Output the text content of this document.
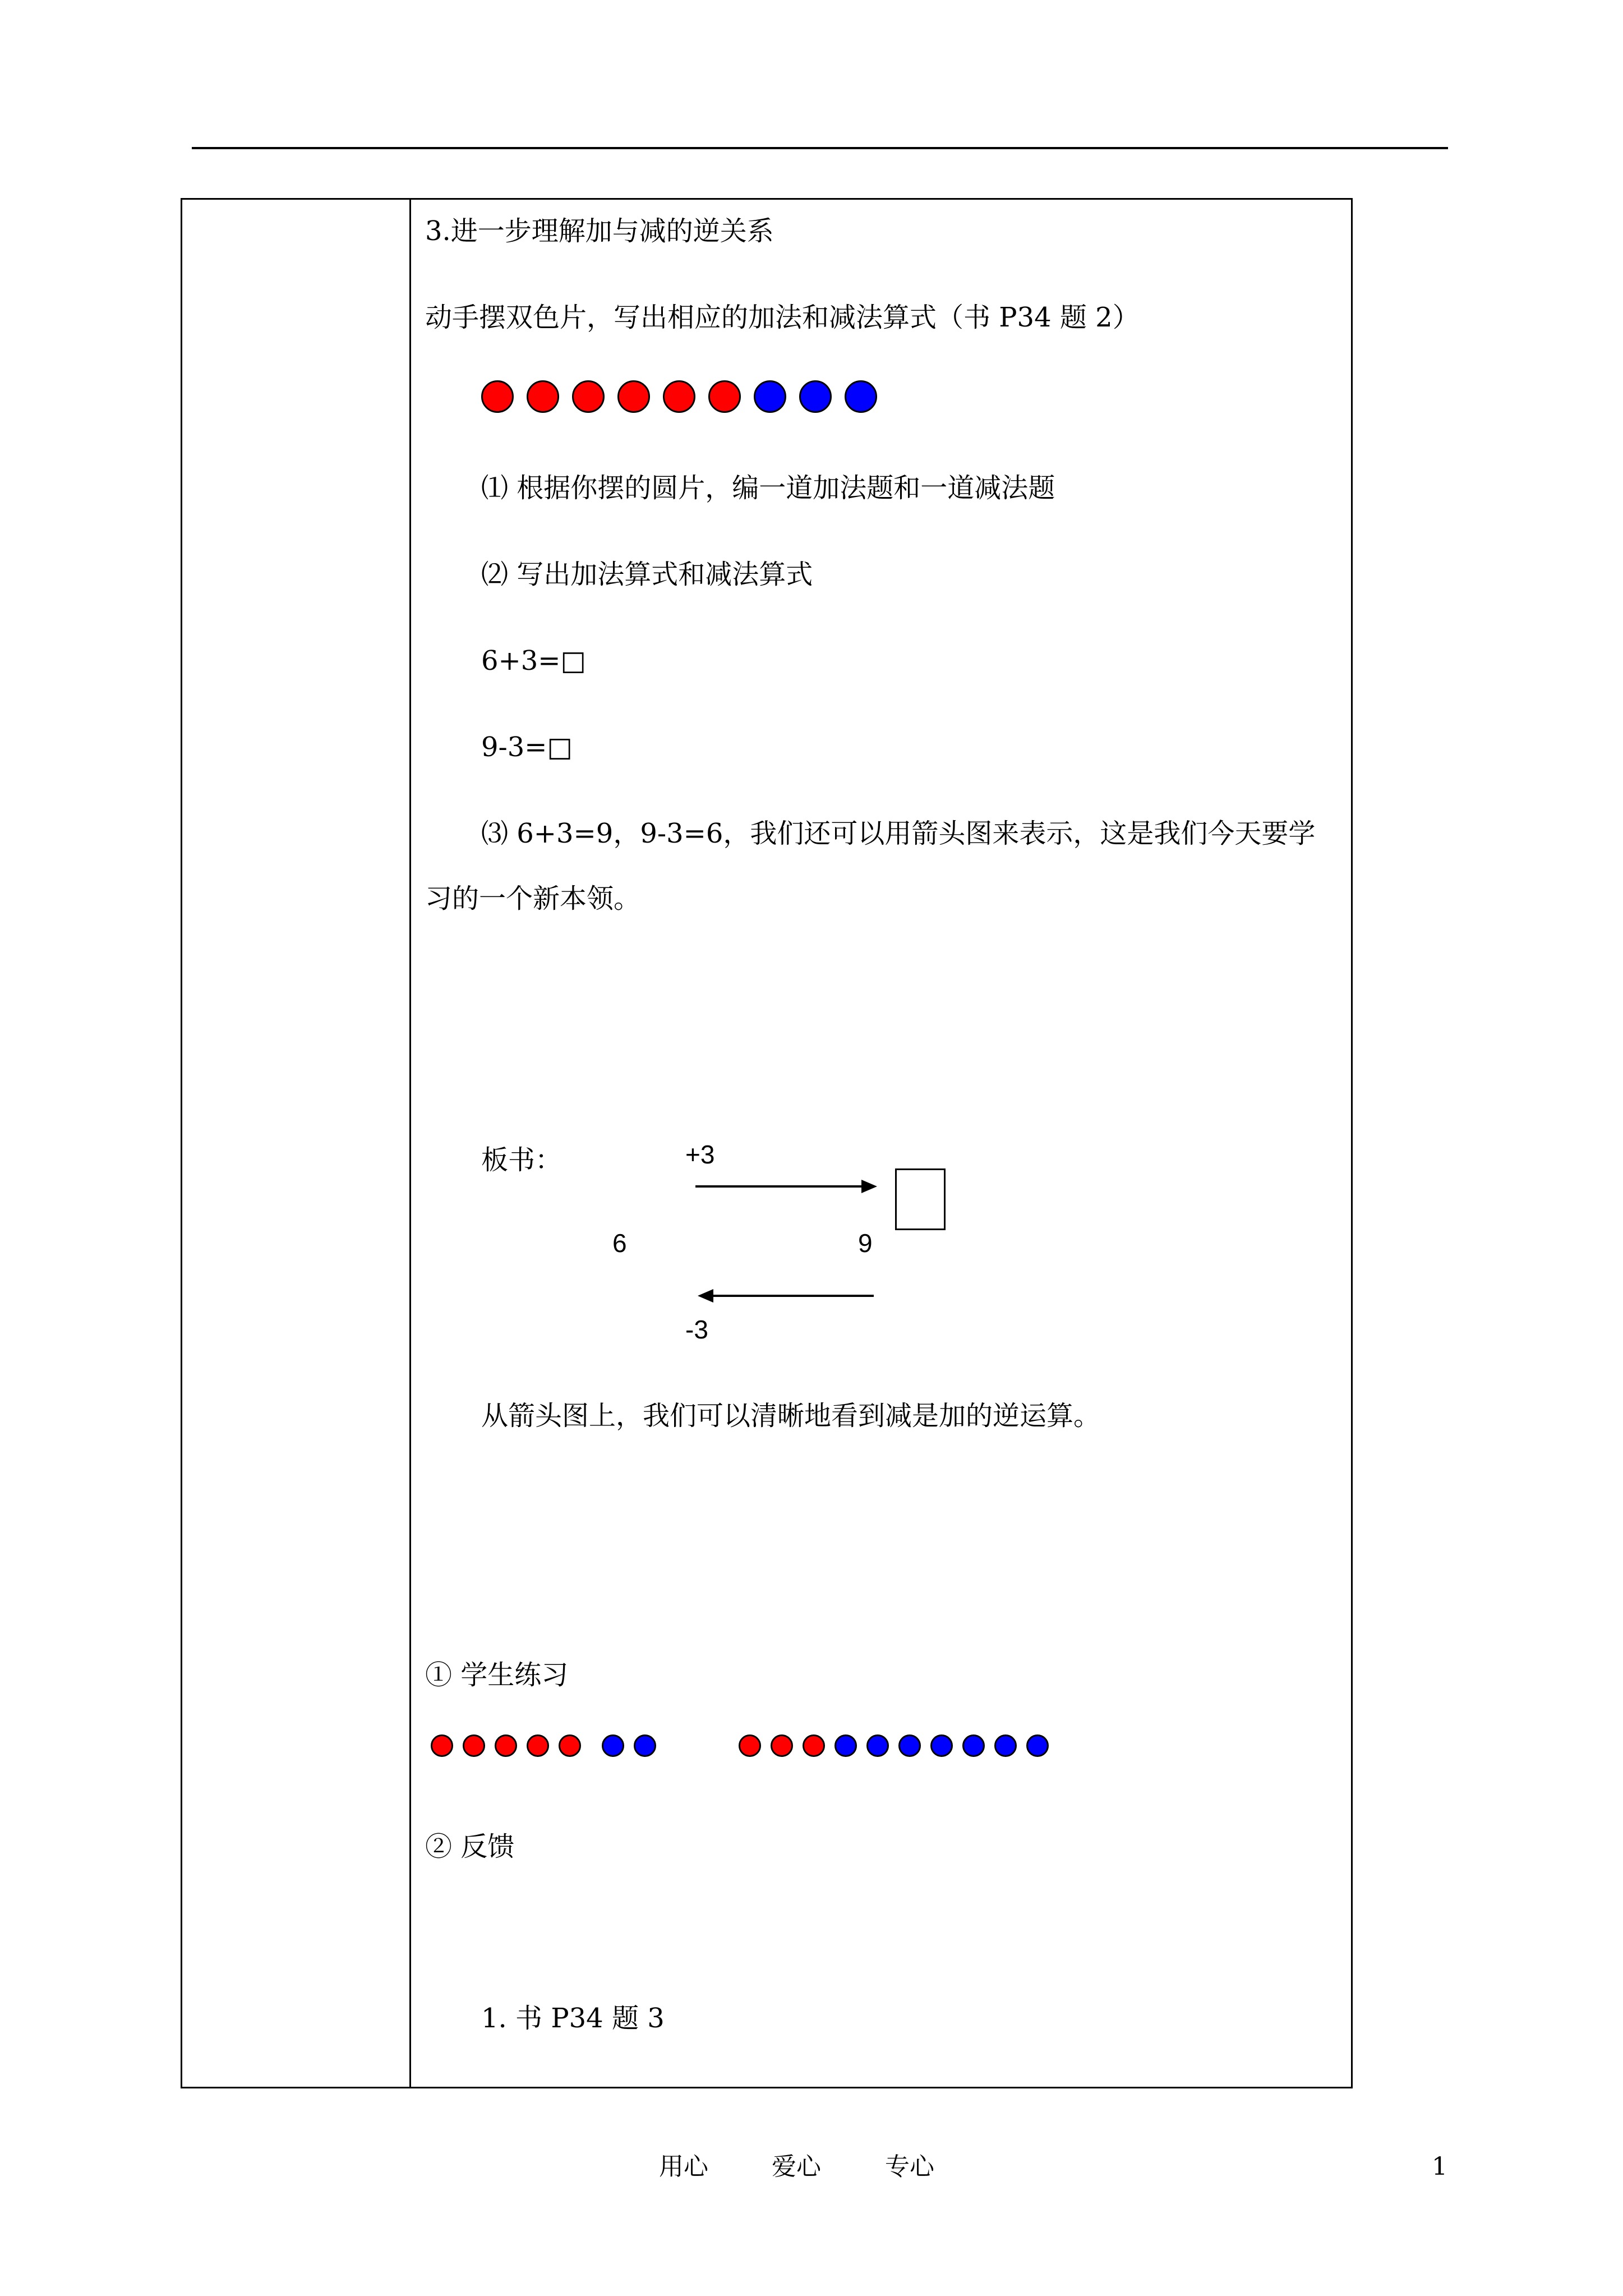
3.进一步理解加与减的逆关系
动手摆双色片，写出相应的加法和减法算式（书 P34 题 2）
⑴ 根据你摆的圆片，编一道加法题和一道减法题
⑵ 写出加法算式和减法算式
6+3=□
9-3=□
⑶ 6+3=9，9-3=6，我们还可以用箭头图来表示，这是我们今天要学
习的一个新本领。
板书：	+3
6	9
-3
从箭头图上，我们可以清晰地看到减是加的逆运算。
① 学生练习
② 反馈
1. 书 P34 题 3
用心	爱心	专心	1
